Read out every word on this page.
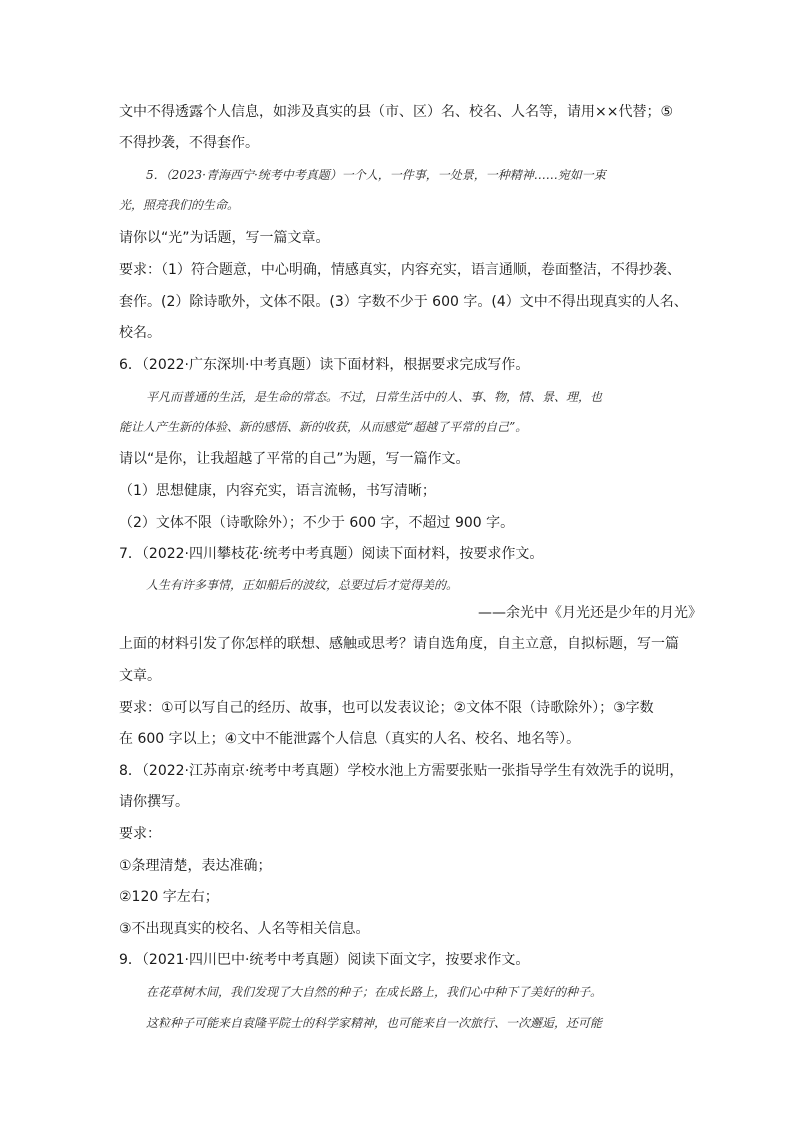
文中不得透露个人信息，如涉及真实的县（市、区）名、校名、人名等，请用××代替；⑤
不得抄袭，不得套作。
5．（2023·青海西宁·统考中考真题）一个人，一件事，一处景，一种精神……宛如一束
光，照亮我们的生命。
请你以“光”为话题，写一篇文章。
要求：（1）符合题意，中心明确，情感真实，内容充实，语言通顺，卷面整洁，不得抄袭、
套作。(2）除诗歌外，文体不限。(3）字数不少于 600 字。(4）文中不得出现真实的人名、
校名。
6．（2022·广东深圳·中考真题）读下面材料，根据要求完成写作。
平凡而普通的生活，是生命的常态。不过，日常生活中的人、事、物，情、景、理，也
能让人产生新的体验、新的感悟、新的收获，从而感觉“超越了平常的自己”。
请以“是你，让我超越了平常的自己”为题，写一篇作文。
（1）思想健康，内容充实，语言流畅，书写清晰；
（2）文体不限（诗歌除外）；不少于 600 字，不超过 900 字。
7．（2022·四川攀枝花·统考中考真题）阅读下面材料，按要求作文。
人生有许多事情，正如船后的波纹，总要过后才觉得美的。
——余光中《月光还是少年的月光》
上面的材料引发了你怎样的联想、感触或思考？请自选角度，自主立意，自拟标题，写一篇
文章。
要求：①可以写自己的经历、故事，也可以发表议论；②文体不限（诗歌除外）；③字数
在 600 字以上；④文中不能泄露个人信息（真实的人名、校名、地名等）。
8．（2022·江苏南京·统考中考真题）学校水池上方需要张贴一张指导学生有效洗手的说明，
请你撰写。
要求：
①条理清楚，表达准确；
②120 字左右；
③不出现真实的校名、人名等相关信息。
9．（2021·四川巴中·统考中考真题）阅读下面文字，按要求作文。
在花草树木间，我们发现了大自然的种子；在成长路上，我们心中种下了美好的种子。
这粒种子可能来自袁隆平院士的科学家精神，也可能来自一次旅行、一次邂逅，还可能
